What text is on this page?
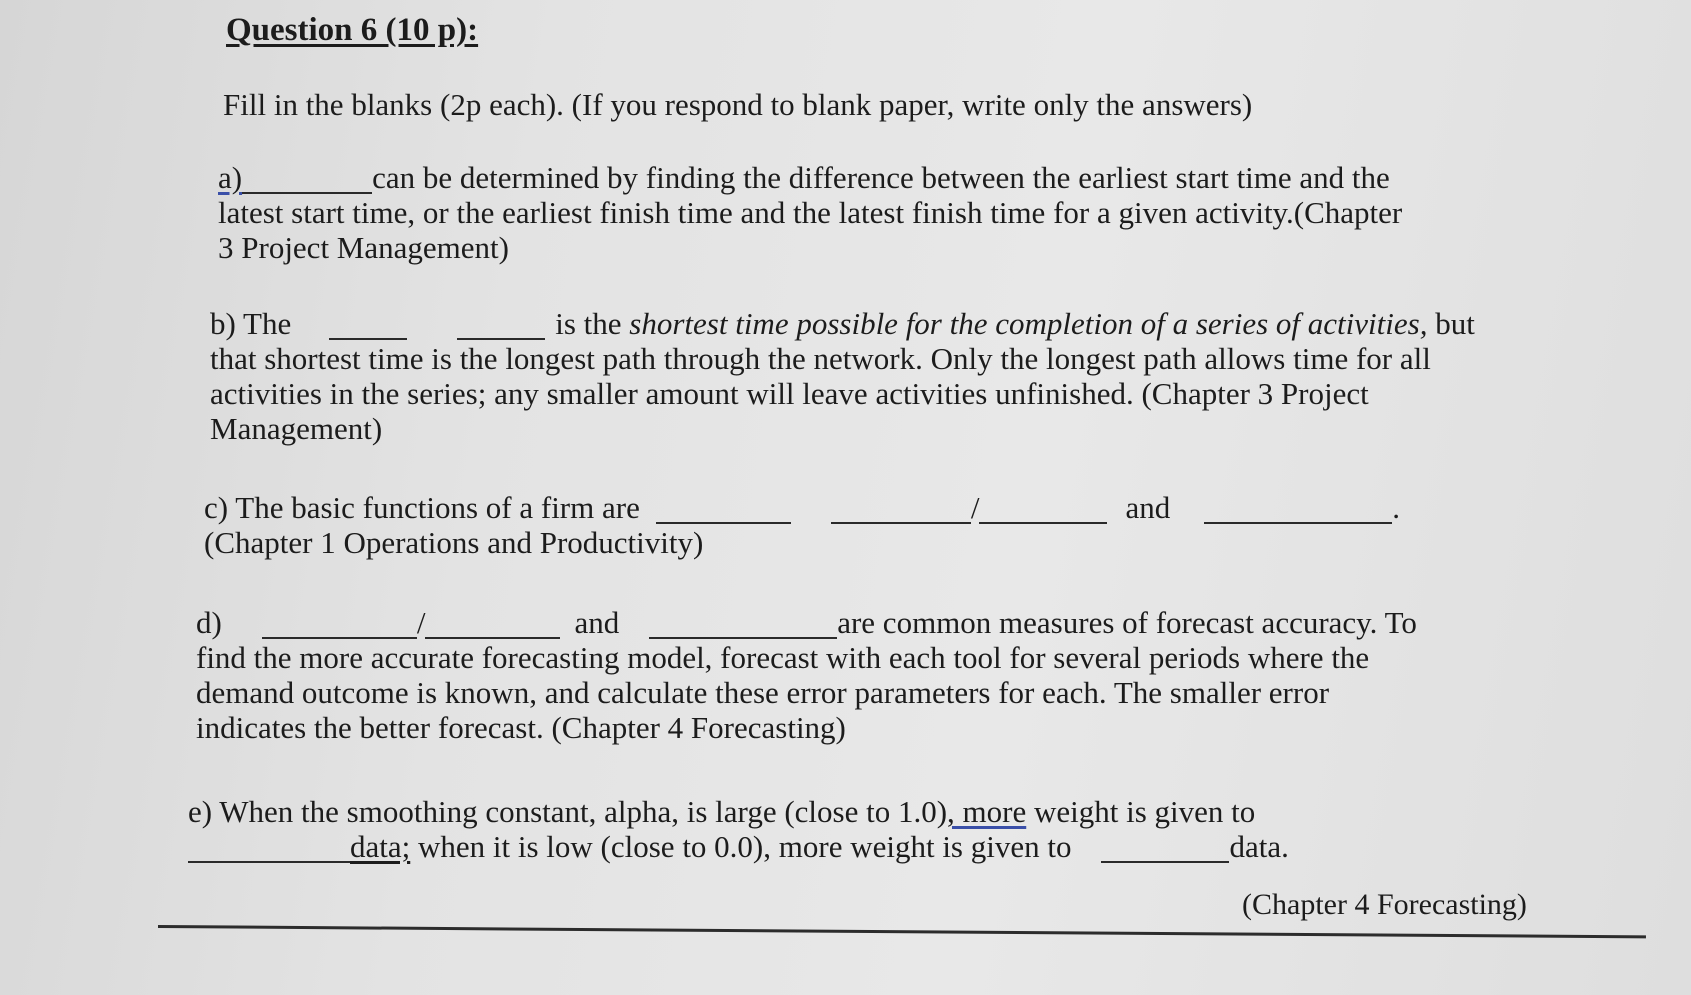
Question 6 (10 p):
Fill in the blanks (2p each). (If you respond to blank paper, write only the answers)
a)	can be determined by finding the difference between the earliest start time and the
latest start time, or the earliest finish time and the latest finish time for a given activity.(Chapter
3 Project Management)
b) The	is the shortest time possible for the completion of a series of activities, but
that shortest time is the longest path through the network. Only the longest path allows time for all
activities in the series; any smaller amount will leave activities unfinished. (Chapter 3 Project
Management)
c) The basic functions of a firm are	/	and	.
(Chapter 1 Operations and Productivity)
d)	/	and	are common measures of forecast accuracy. To
find the more accurate forecasting model, forecast with each tool for several periods where the
demand outcome is known, and calculate these error parameters for each. The smaller error
indicates the better forecast. (Chapter 4 Forecasting)
e) When the smoothing constant, alpha, is large (close to 1.0), more weight is given to
data; when it is low (close to 0.0), more weight is given to	data.
(Chapter 4 Forecasting)
